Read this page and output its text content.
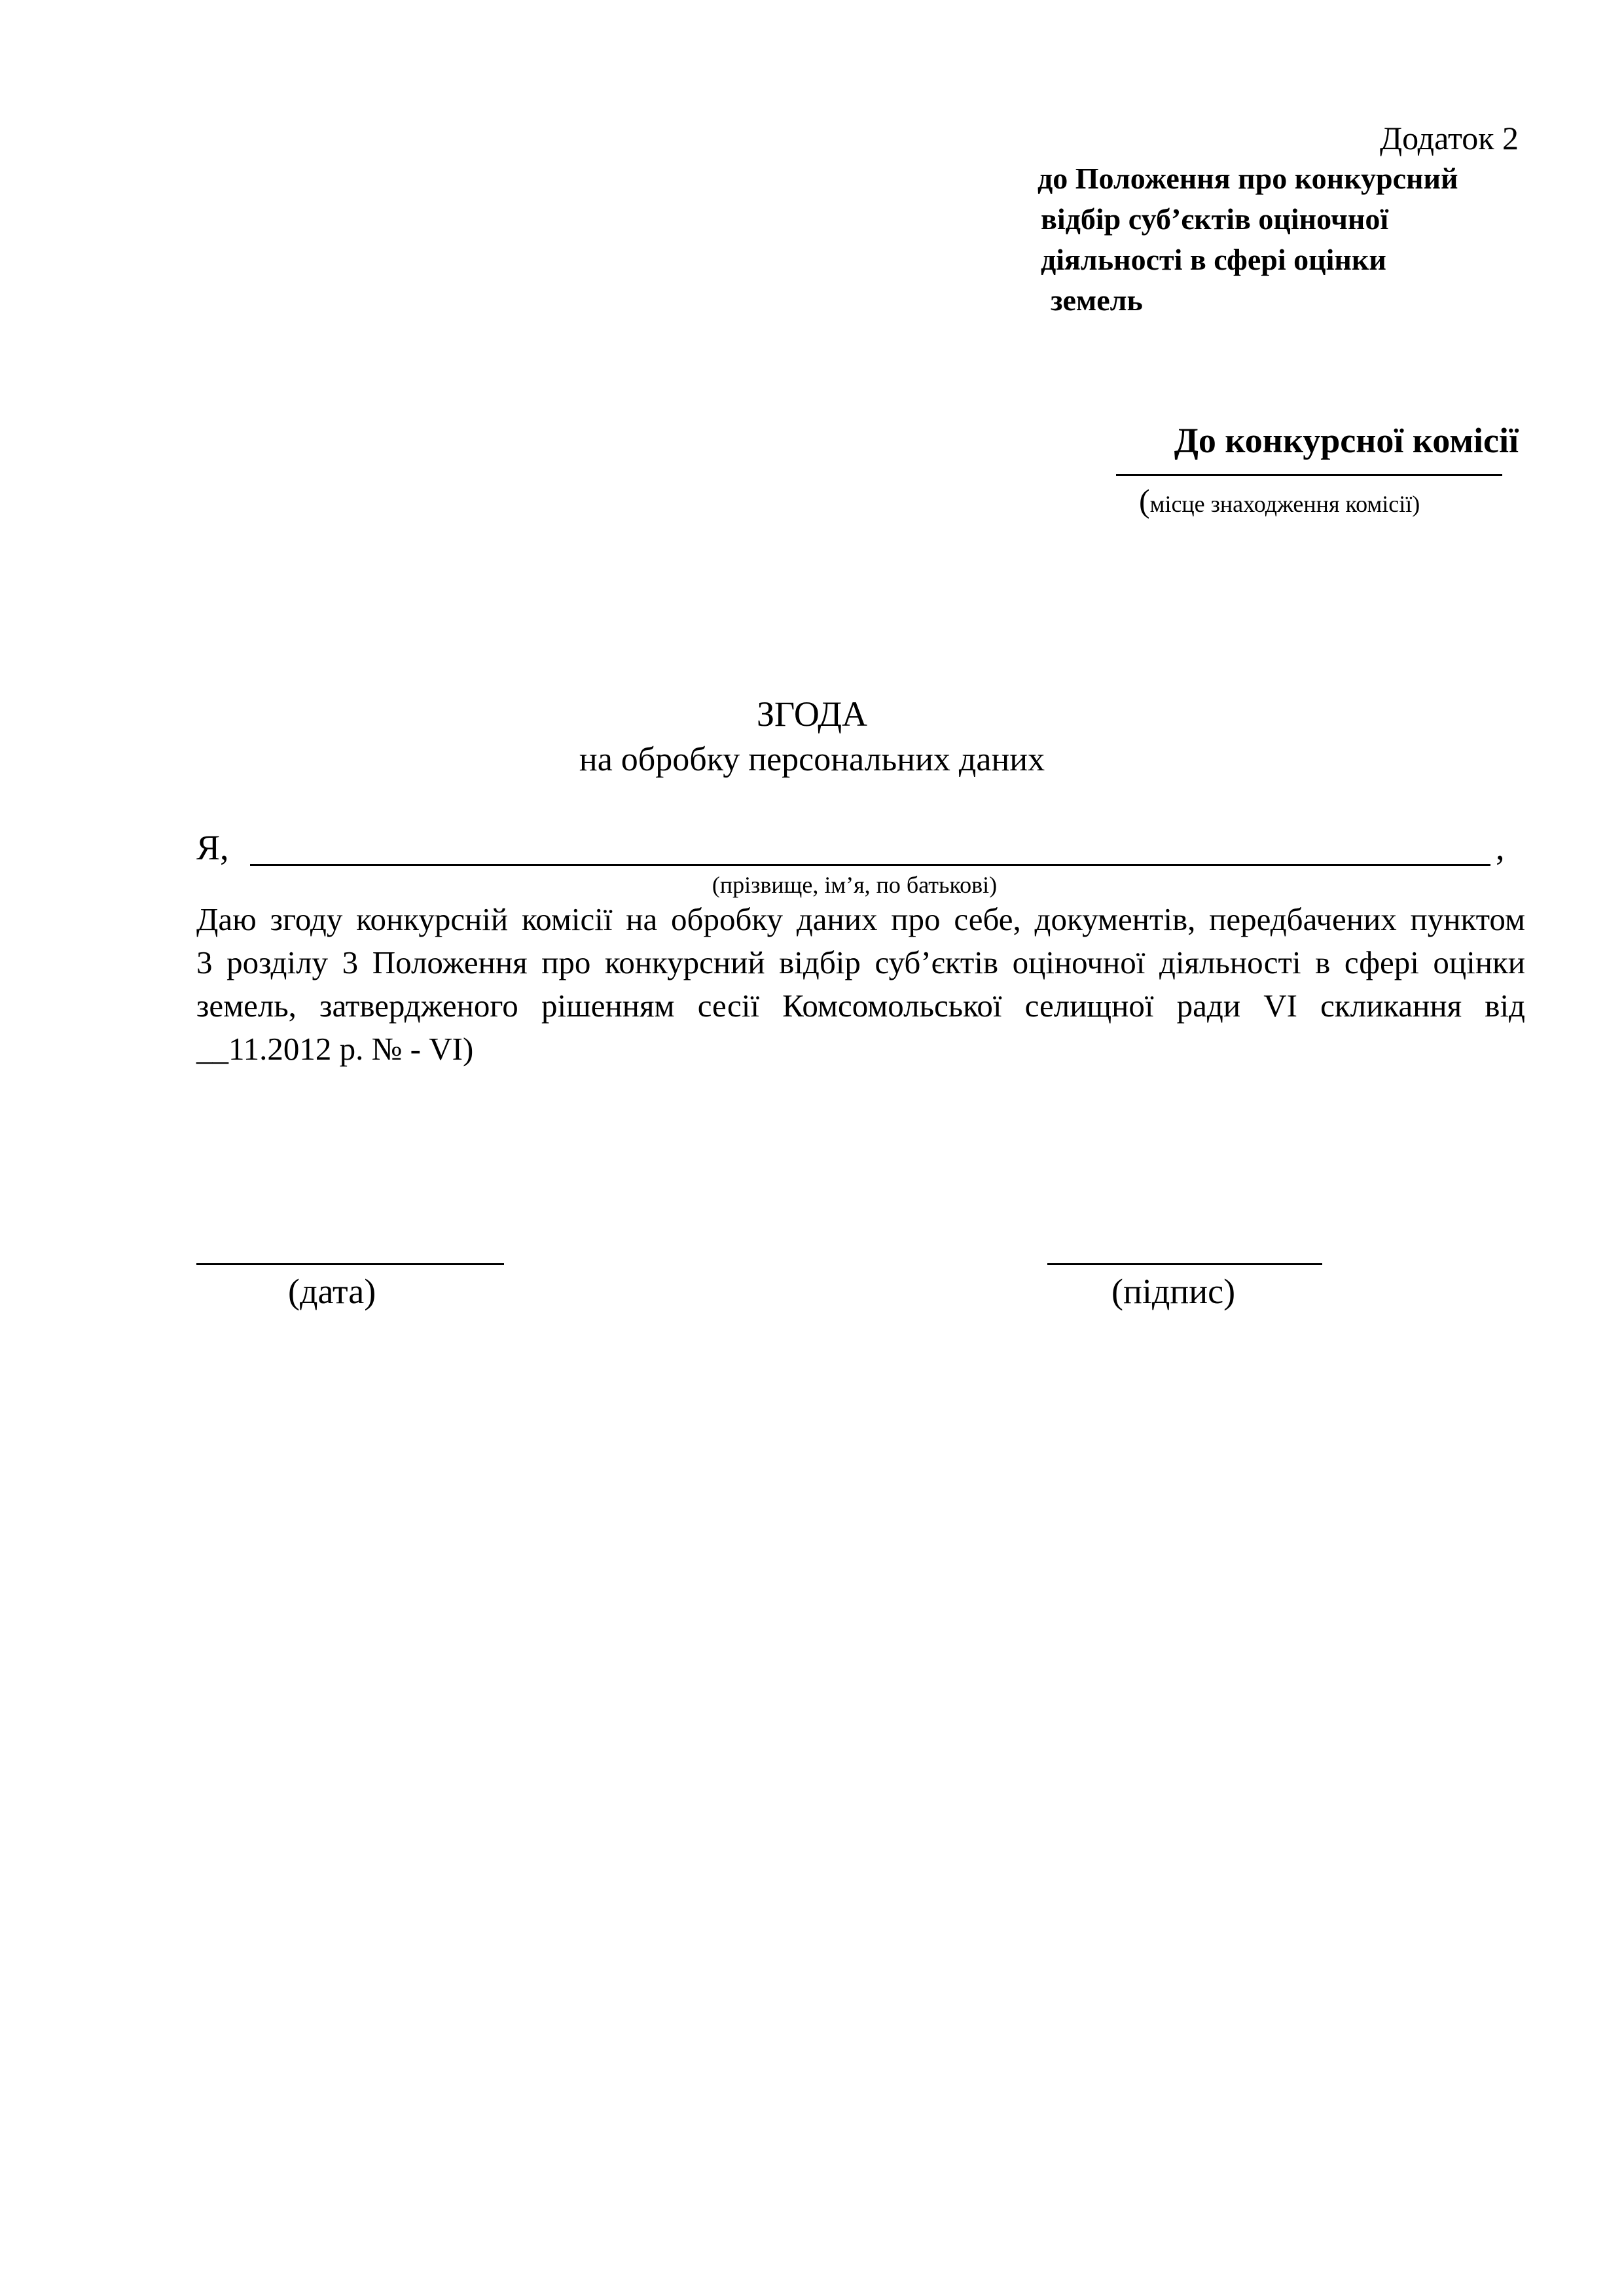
Додаток 2

до Положення про конкурсний

відбір суб’єктів оціночної

діяльності в сфері оцінки

земель

До конкурсної комісії

(місце знаходження комісії)

ЗГОДА

на обробку персональних даних

Я,	,
(прізвище, ім’я, по батькові)
Даю згоду конкурсній комісії на обробку даних про себе, документів, передбачених пунктом
3 розділу 3 Положення про конкурсний відбір суб’єктів оціночної діяльності в сфері оцінки
земель, затвердженого рішенням сесії Комсомольської селищної ради VI скликання від
__11.2012 р. № - VI)
(дата)	(підпис)
